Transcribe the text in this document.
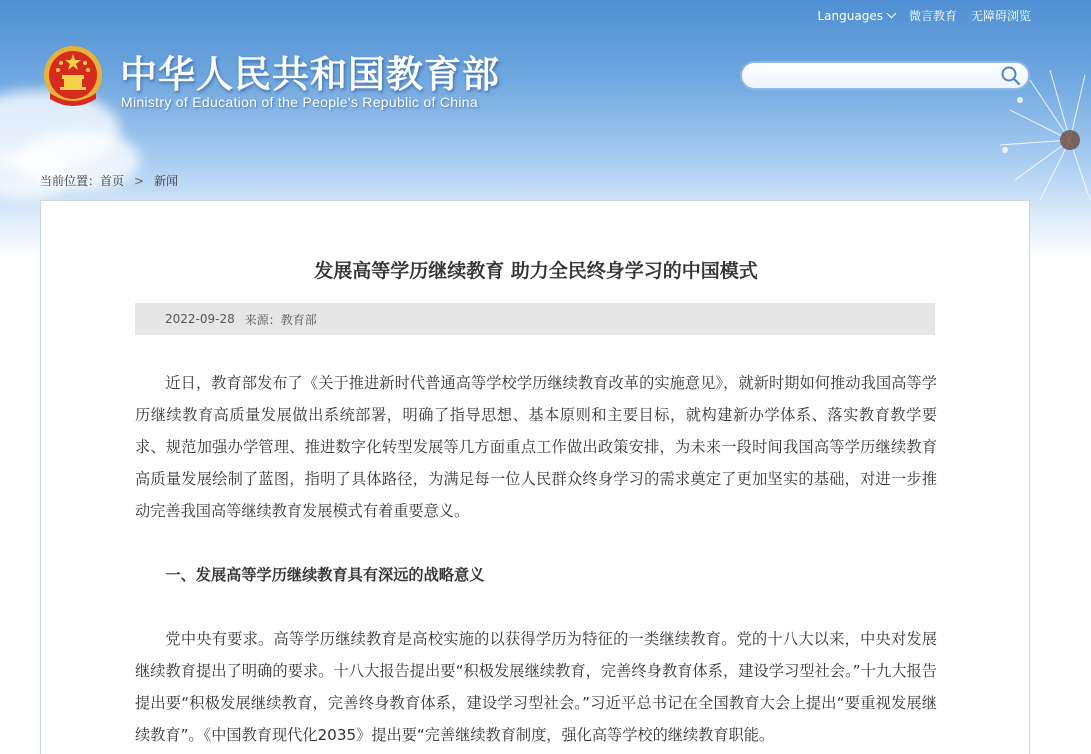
Languages	微言教育 无障碍浏览
中华人民共和国教育部
Ministry of Education of the People's Republic of China
当前位置： 首页 > 新闻
发展高等学历继续教育 助力全民终身学习的中国模式
2022-09-28 来源：教育部

近日，教育部发布了《关于推进新时代普通高等学校学历继续教育改革的实施意见》，就新时期如何推动我国高等学历继续教育高质量发展做出系统部署，明确了指导思想、基本原则和主要目标，就构建新办学体系、落实教育教学要求、规范加强办学管理、推进数字化转型发展等几方面重点工作做出政策安排，为未来一段时间我国高等学历继续教育高质量发展绘制了蓝图，指明了具体路径，为满足每一位人民群众终身学习的需求奠定了更加坚实的基础，对进一步推动完善我国高等继续教育发展模式有着重要意义。

一、发展高等学历继续教育具有深远的战略意义

党中央有要求。高等学历继续教育是高校实施的以获得学历为特征的一类继续教育。党的十八大以来，中央对发展继续教育提出了明确的要求。十八大报告提出要“积极发展继续教育，完善终身教育体系，建设学习型社会。”十九大报告提出要“积极发展继续教育，完善终身教育体系，建设学习型社会。”习近平总书记在全国教育大会上提出“要重视发展继续教育”。《中国教育现代化2035》提出要“完善继续教育制度，强化高等学校的继续教育职能。
